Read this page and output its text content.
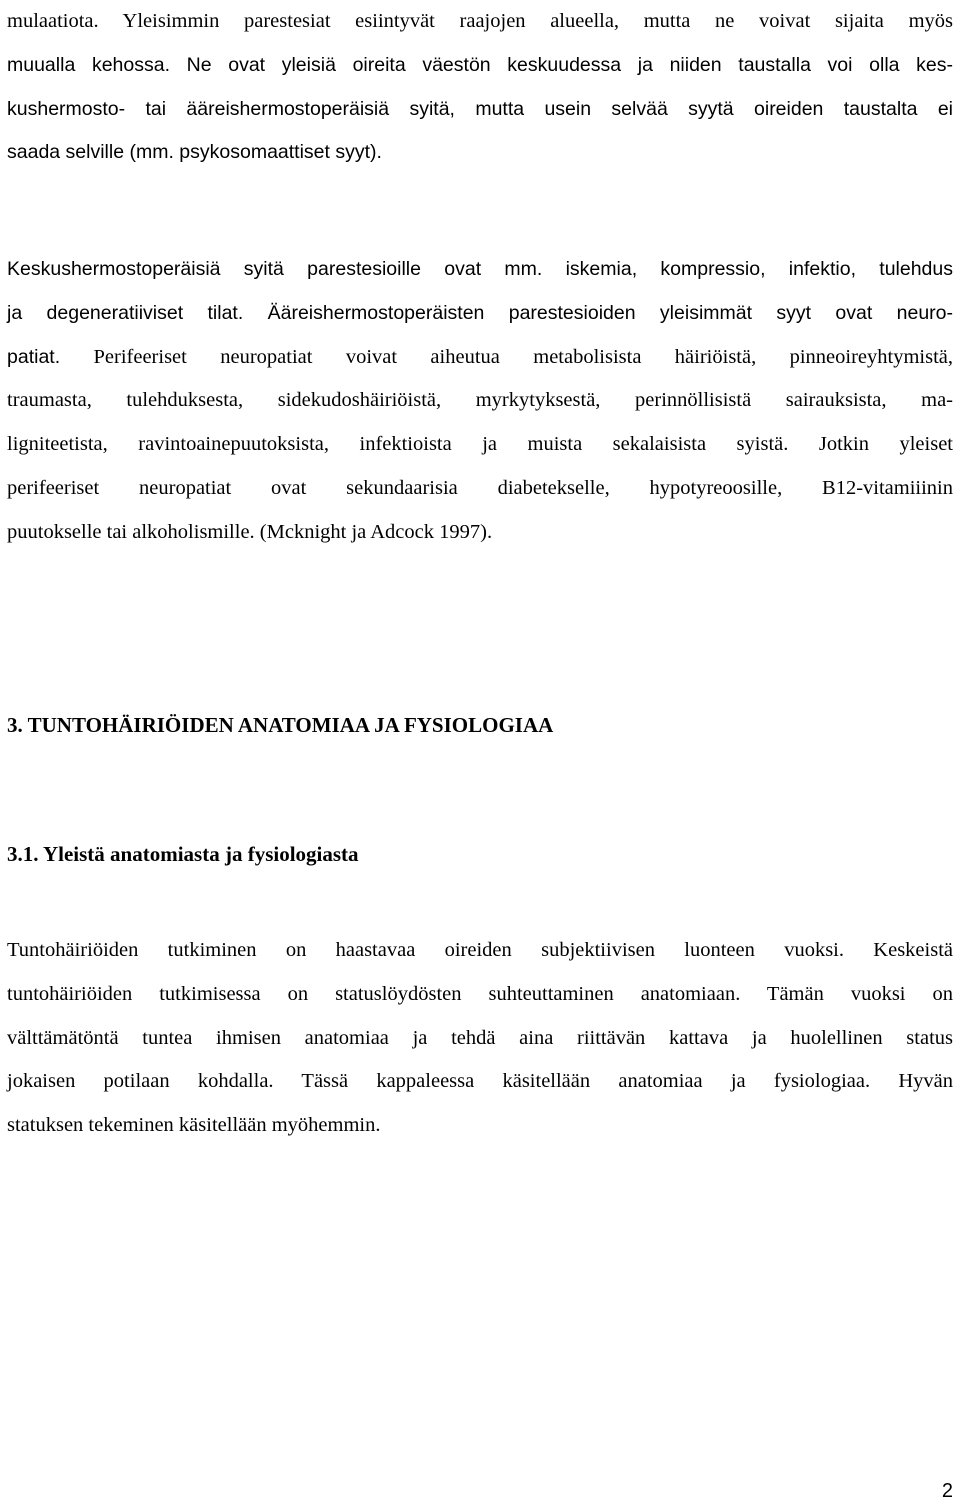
mulaatiota. Yleisimmin parestesiat esiintyvät raajojen alueella, mutta ne voivat sijaita myös
muualla kehossa. Ne ovat yleisiä oireita väestön keskuudessa ja niiden taustalla voi olla kes-
kushermosto- tai ääreishermostoperäisiä syitä, mutta usein selvää syytä oireiden taustalta ei
saada selville (mm. psykosomaattiset syyt).
Keskushermostoperäisiä syitä parestesioille ovat mm. iskemia, kompressio, infektio, tulehdus
ja degeneratiiviset tilat. Ääreishermostoperäisten parestesioiden yleisimmät syyt ovat neuro-
patiat. Perifeeriset neuropatiat voivat aiheutua metabolisista häiriöistä, pinneoireyhtymistä,
traumasta, tulehduksesta, sidekudoshäiriöistä, myrkytyksestä, perinnöllisistä sairauksista, ma-
ligniteetista, ravintoainepuutoksista, infektioista ja muista sekalaisista syistä. Jotkin yleiset
perifeeriset neuropatiat ovat sekundaarisia diabetekselle, hypotyreoosille, B12-vitamiiinin
puutokselle tai alkoholismille. (Mcknight ja Adcock 1997).
3. TUNTOHÄIRIÖIDEN ANATOMIAA JA FYSIOLOGIAA
3.1. Yleistä anatomiasta ja fysiologiasta
Tuntohäiriöiden tutkiminen on haastavaa oireiden subjektiivisen luonteen vuoksi. Keskeistä
tuntohäiriöiden tutkimisessa on statuslöydösten suhteuttaminen anatomiaan. Tämän vuoksi on
välttämätöntä tuntea ihmisen anatomiaa ja tehdä aina riittävän kattava ja huolellinen status
jokaisen potilaan kohdalla. Tässä kappaleessa käsitellään anatomiaa ja fysiologiaa. Hyvän
statuksen tekeminen käsitellään myöhemmin.
2
